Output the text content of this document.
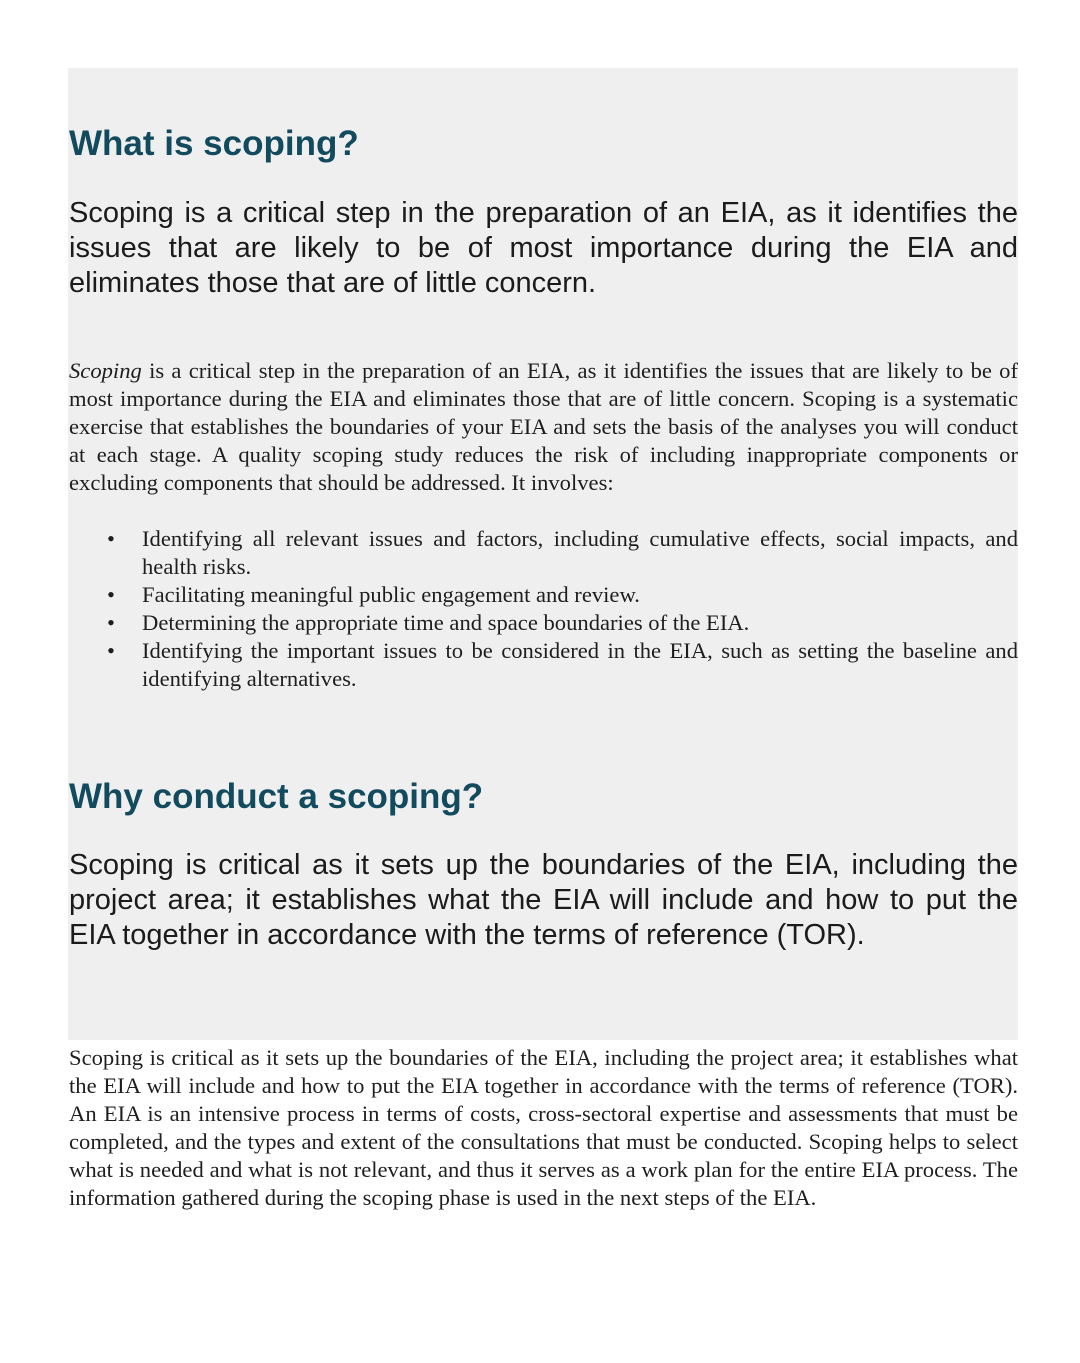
What is scoping?

Scoping is a critical step in the preparation of an EIA, as it identifies the issues that are likely to be of most importance during the EIA and eliminates those that are of little concern.

Scoping is a critical step in the preparation of an EIA, as it identifies the issues that are likely to be of most importance during the EIA and eliminates those that are of little concern. Scoping is a systematic exercise that establishes the boundaries of your EIA and sets the basis of the analyses you will conduct at each stage. A quality scoping study reduces the risk of including inappropriate components or excluding components that should be addressed. It involves:

•	Identifying all relevant issues and factors, including cumulative effects, social impacts, and health risks.
•	Facilitating meaningful public engagement and review.
•	Determining the appropriate time and space boundaries of the EIA.
•	Identifying the important issues to be considered in the EIA, such as setting the baseline and identifying alternatives.
Why conduct a scoping?

Scoping is critical as it sets up the boundaries of the EIA, including the project area; it establishes what the EIA will include and how to put the EIA together in accordance with the terms of reference (TOR).

Scoping is critical as it sets up the boundaries of the EIA, including the project area; it establishes what the EIA will include and how to put the EIA together in accordance with the terms of reference (TOR). An EIA is an intensive process in terms of costs, cross-sectoral expertise and assessments that must be completed, and the types and extent of the consultations that must be conducted. Scoping helps to select what is needed and what is not relevant, and thus it serves as a work plan for the entire EIA process. The information gathered during the scoping phase is used in the next steps of the EIA.
